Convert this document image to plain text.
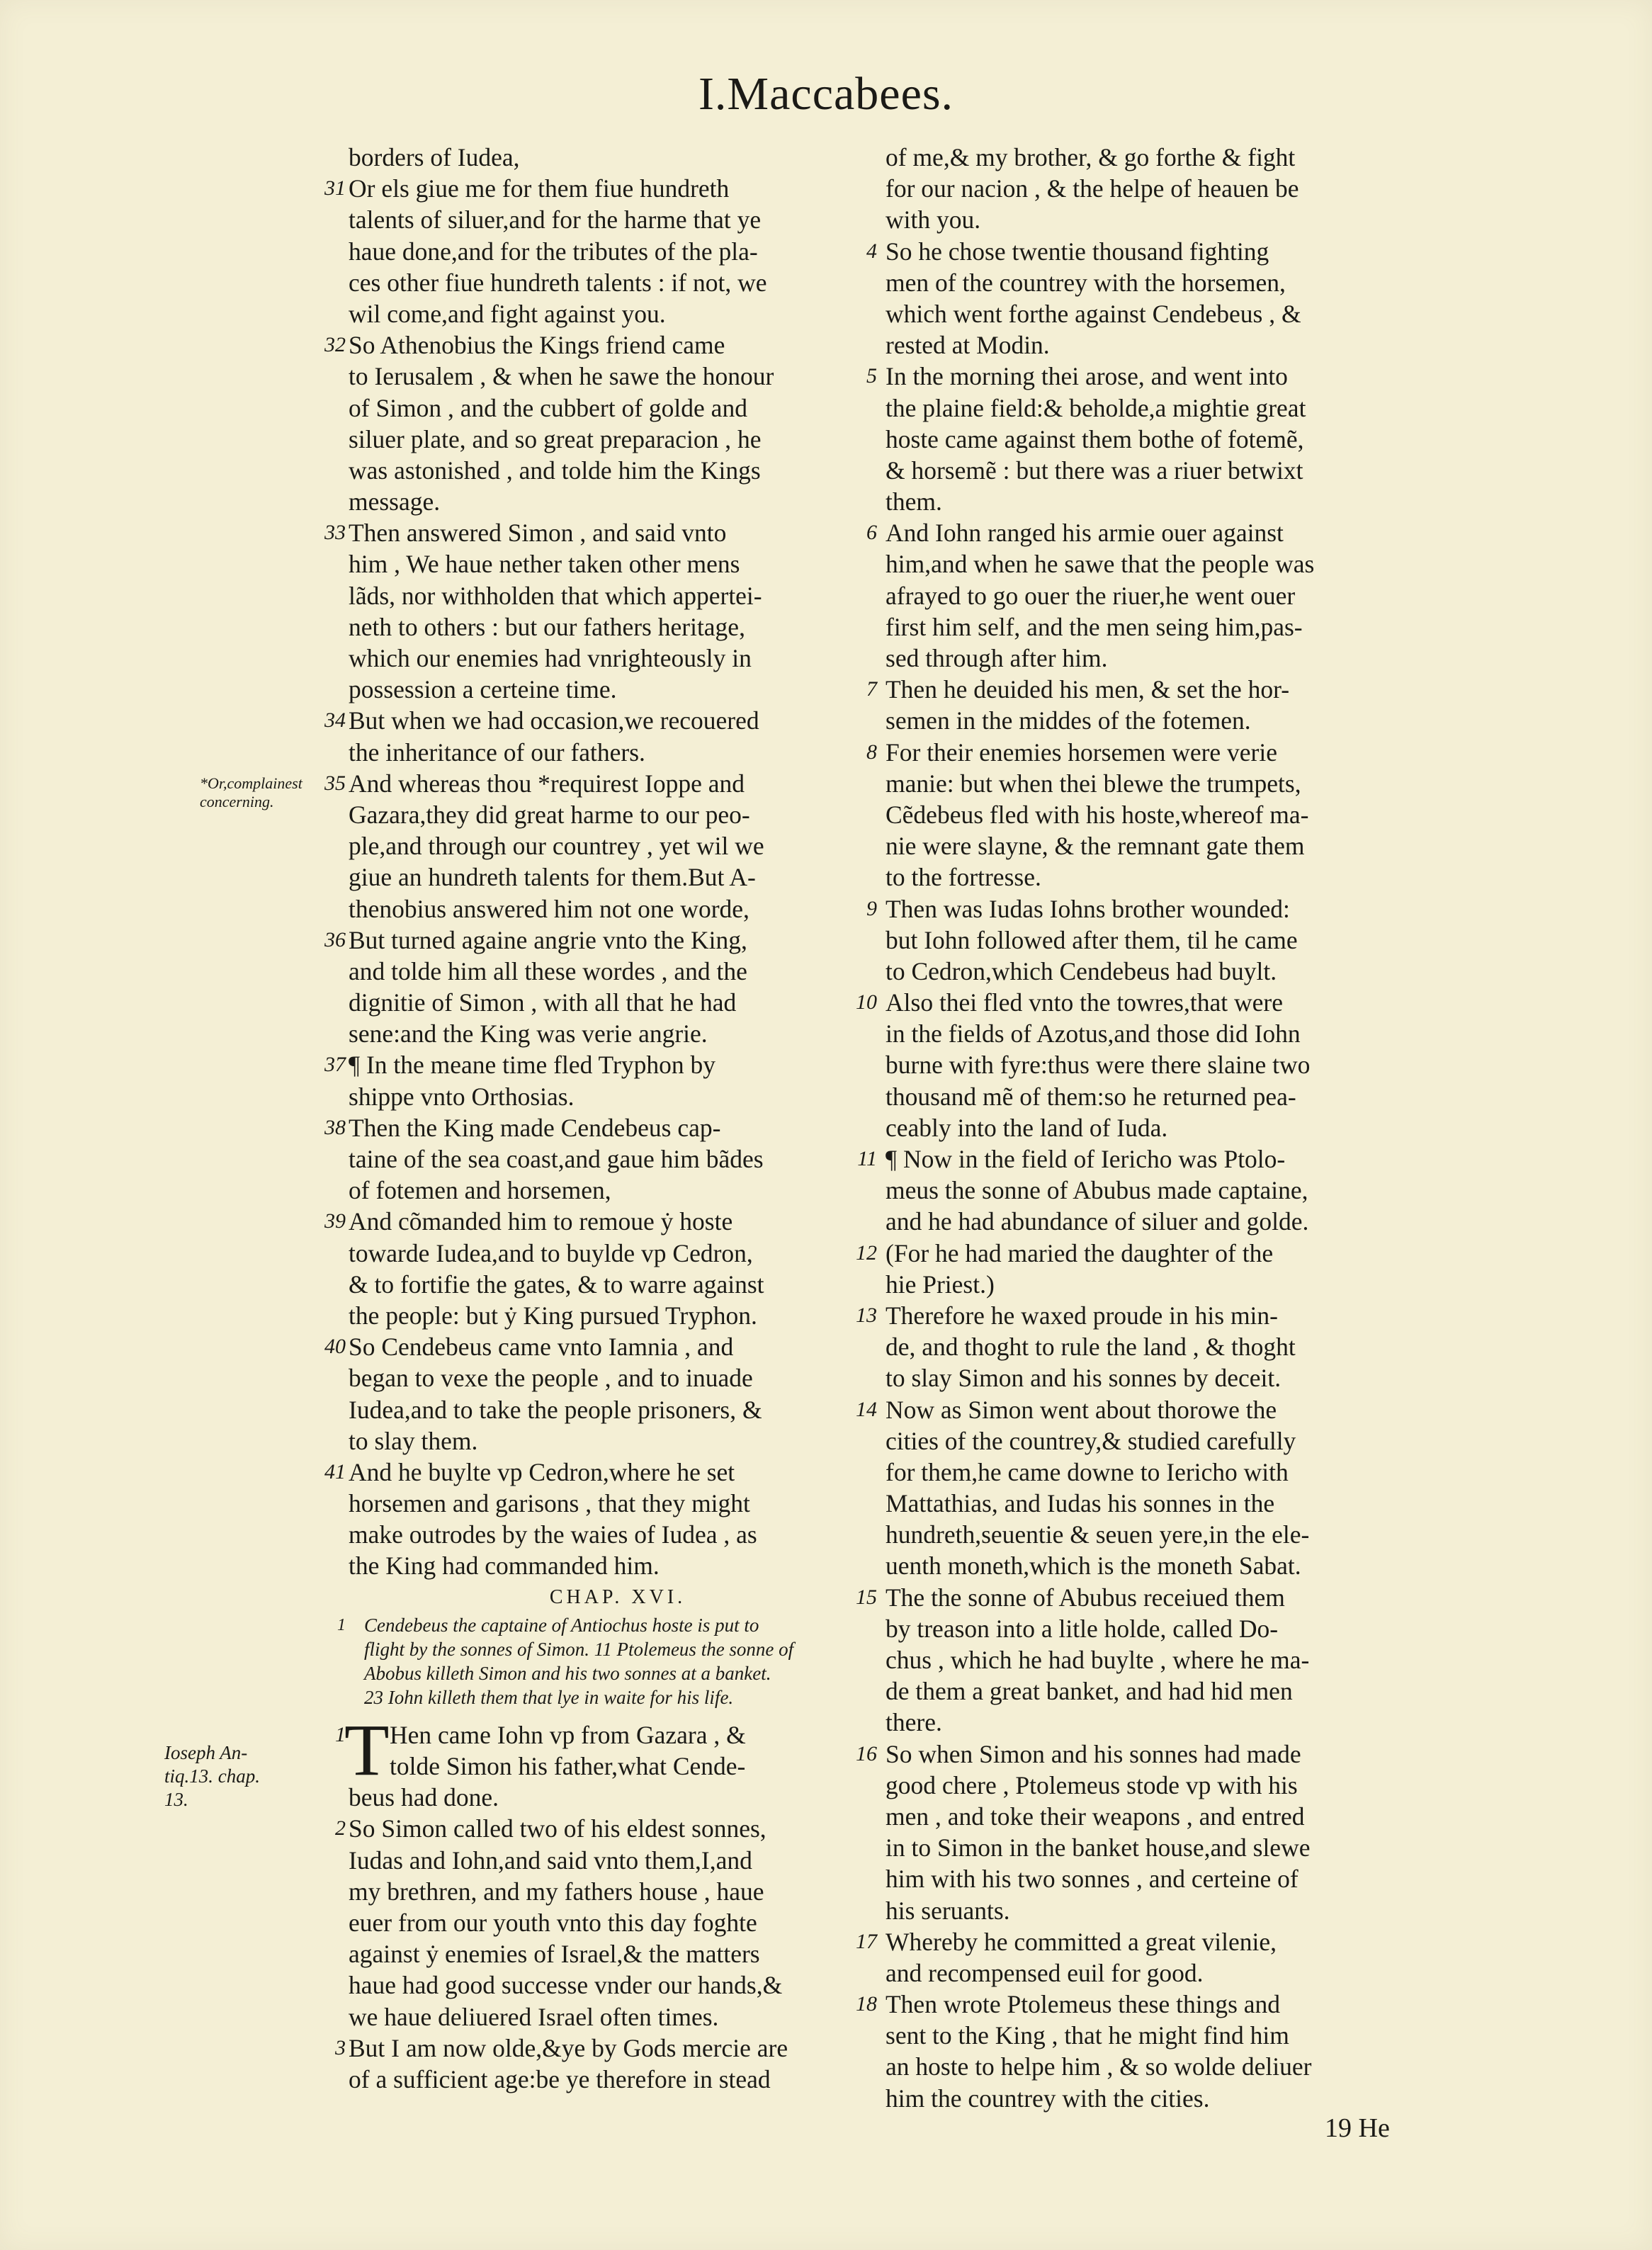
I.Maccabees.
borders of Iudea,
31 Or els giue me for them fiue hundreth
talents of siluer,and for the harme that ye
haue done,and for the tributes of the pla-
ces other fiue hundreth talents : if not, we
wil come,and fight against you.
32 So Athenobius the Kings friend came
to Ierusalem , & when he sawe the honour
of Simon , and the cubbert of golde and
siluer plate, and so great preparacion , he
was astonished , and tolde him the Kings
message.
33 Then answered Simon , and said vnto
him , We haue nether taken other mens
lãds, nor withholden that which appertei-
neth to others : but our fathers heritage,
which our enemies had vnrighteously in
possession a certeine time.
34 But when we had occasion,we recouered
the inheritance of our fathers.
35 And whereas thou *requirest Ioppe and
Gazara,they did great harme to our peo-
ple,and through our countrey , yet wil we
giue an hundreth talents for them.But A-
thenobius answered him not one worde,
36 But turned againe angrie vnto the King,
and tolde him all these wordes , and the
dignitie of Simon , with all that he had
sene:and the King was verie angrie.
37 ¶ In the meane time fled Tryphon by
shippe vnto Orthosias.
38 Then the King made Cendebeus cap-
taine of the sea coast,and gaue him bãdes
of fotemen and horsemen,
39 And cõmanded him to remoue ẏ hoste
towarde Iudea,and to buylde vp Cedron,
& to fortifie the gates, & to warre against
the people: but ẏ King pursued Tryphon.
40 So Cendebeus came vnto Iamnia , and
began to vexe the people , and to inuade
Iudea,and to take the people prisoners, &
to slay them.
41 And he buylte vp Cedron,where he set
horsemen and garisons , that they might
make outrodes by the waies of Iudea , as
the King had commanded him.
CHAP. XVI.
1 Cendebeus the captaine of Antiochus hoste is put to
flight by the sonnes of Simon. 11 Ptolemeus the sonne of
Abobus killeth Simon and his two sonnes at a banket.
23 Iohn killeth them that lye in waite for his life.
T
1 Hen came Iohn vp from Gazara , &
tolde Simon his father,what Cende-
beus had done.
2 So Simon called two of his eldest sonnes,
Iudas and Iohn,and said vnto them,I,and
my brethren, and my fathers house , haue
euer from our youth vnto this day foghte
against ẏ enemies of Israel,& the matters
haue had good successe vnder our hands,&
we haue deliuered Israel often times.
3 But I am now olde,&ye by Gods mercie are
of a sufficient age:be ye therefore in stead
of me,& my brother, & go forthe & fight
for our nacion , & the helpe of heauen be
with you.
4 So he chose twentie thousand fighting
men of the countrey with the horsemen,
which went forthe against Cendebeus , &
rested at Modin.
5 In the morning thei arose, and went into
the plaine field:& beholde,a mightie great
hoste came against them bothe of fotemẽ,
& horsemẽ : but there was a riuer betwixt
them.
6 And Iohn ranged his armie ouer against
him,and when he sawe that the people was
afrayed to go ouer the riuer,he went ouer
first him self, and the men seing him,pas-
sed through after him.
7 Then he deuided his men, & set the hor-
semen in the middes of the fotemen.
8 For their enemies horsemen were verie
manie: but when thei blewe the trumpets,
Cẽdebeus fled with his hoste,whereof ma-
nie were slayne, & the remnant gate them
to the fortresse.
9 Then was Iudas Iohns brother wounded:
but Iohn followed after them, til he came
to Cedron,which Cendebeus had buylt.
10 Also thei fled vnto the towres,that were
in the fields of Azotus,and those did Iohn
burne with fyre:thus were there slaine two
thousand mẽ of them:so he returned pea-
ceably into the land of Iuda.
11 ¶ Now in the field of Iericho was Ptolo-
meus the sonne of Abubus made captaine,
and he had abundance of siluer and golde.
12 (For he had maried the daughter of the
hie Priest.)
13 Therefore he waxed proude in his min-
de, and thoght to rule the land , & thoght
to slay Simon and his sonnes by deceit.
14 Now as Simon went about thorowe the
cities of the countrey,& studied carefully
for them,he came downe to Iericho with
Mattathias, and Iudas his sonnes in the
hundreth,seuentie & seuen yere,in the ele-
uenth moneth,which is the moneth Sabat.
15 The the sonne of Abubus receiued them
by treason into a litle holde, called Do-
chus , which he had buylte , where he ma-
de them a great banket, and had hid men
there.
16 So when Simon and his sonnes had made
good chere , Ptolemeus stode vp with his
men , and toke their weapons , and entred
in to Simon in the banket house,and slewe
him with his two sonnes , and certeine of
his seruants.
17 Whereby he committed a great vilenie,
and recompensed euil for good.
18 Then wrote Ptolemeus these things and
sent to the King , that he might find him
an hoste to helpe him , & so wolde deliuer
him the countrey with the cities.
*Or,complainest
concerning.
Ioseph An-
tiq.13. chap.
13.
19 He
